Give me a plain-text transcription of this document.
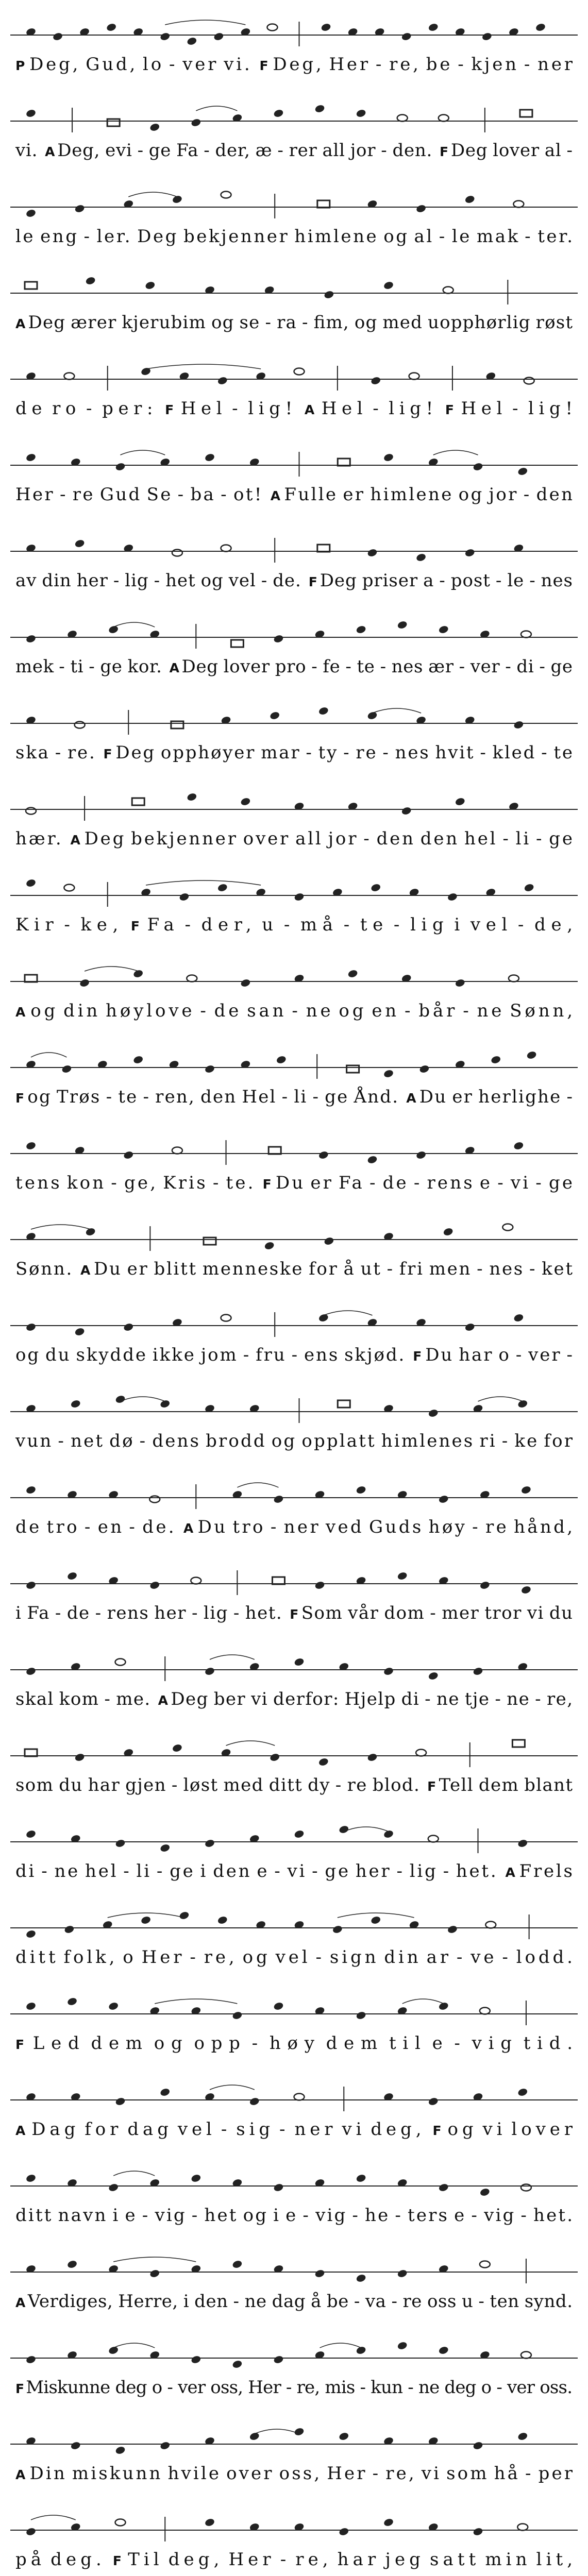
P Deg, Gud, lo - ver vi. F Deg, Her - re, be - kjen - ner
vi. A Deg, evi - ge Fa - der, æ - rer all jor - den. F Deg lover al -
le eng - ler. Deg bekjenner himlene og al - le mak - ter.
A Deg ærer kjerubim og se - ra - fim, og med uopphørlig røst
de ro - per: F Hel - lig! A Hel - lig! F Hel - lig!
Her - re Gud Se - ba - ot! A Fulle er himlene og jor - den
av din her - lig - het og vel - de. F Deg priser a - post - le - nes
mek - ti - ge kor. A Deg lover pro - fe - te - nes ær - ver - di - ge
ska - re. F Deg opphøyer mar - ty - re - nes hvit - kled - te
hær. A Deg bekjenner over all jor - den den hel - li - ge
Kir - ke, F Fa - der, u - må - te - lig i vel - de,
A og din høylove - de san - ne og en - bår - ne Sønn,
F og Trøs - te - ren, den Hel - li - ge Ånd. A Du er herlighe -
tens kon - ge, Kris - te. F Du er Fa - de - rens e - vi - ge
Sønn. A Du er blitt menneske for å ut - fri men - nes - ket
og du skydde ikke jom - fru - ens skjød. F Du har o - ver -
vun - net dø - dens brodd og opplatt himlenes ri - ke for
de tro - en - de. A Du tro - ner ved Guds høy - re hånd,
i Fa - de - rens her - lig - het. F Som vår dom - mer tror vi du
skal kom - me. A Deg ber vi derfor: Hjelp di - ne tje - ne - re,
som du har gjen - løst med ditt dy - re blod. F Tell dem blant
di - ne hel - li - ge i den e - vi - ge her - lig - het. A Frels
ditt folk, o Her - re, og vel - sign din ar - ve - lodd.
F Led dem og opp - høy dem til e - vig tid.
A Dag for dag vel - sig - ner vi deg, F og vi lover
ditt navn i e - vig - het og i e - vig - he - ters e - vig - het.
A Verdiges, Herre, i den - ne dag å be - va - re oss u - ten synd.
FMiskunne deg o - ver oss, Her - re, mis - kun - ne deg o - ver oss.
A Din miskunn hvile over oss, Her - re, vi som hå - per
på deg. F Til deg, Her - re, har jeg satt min lit,
